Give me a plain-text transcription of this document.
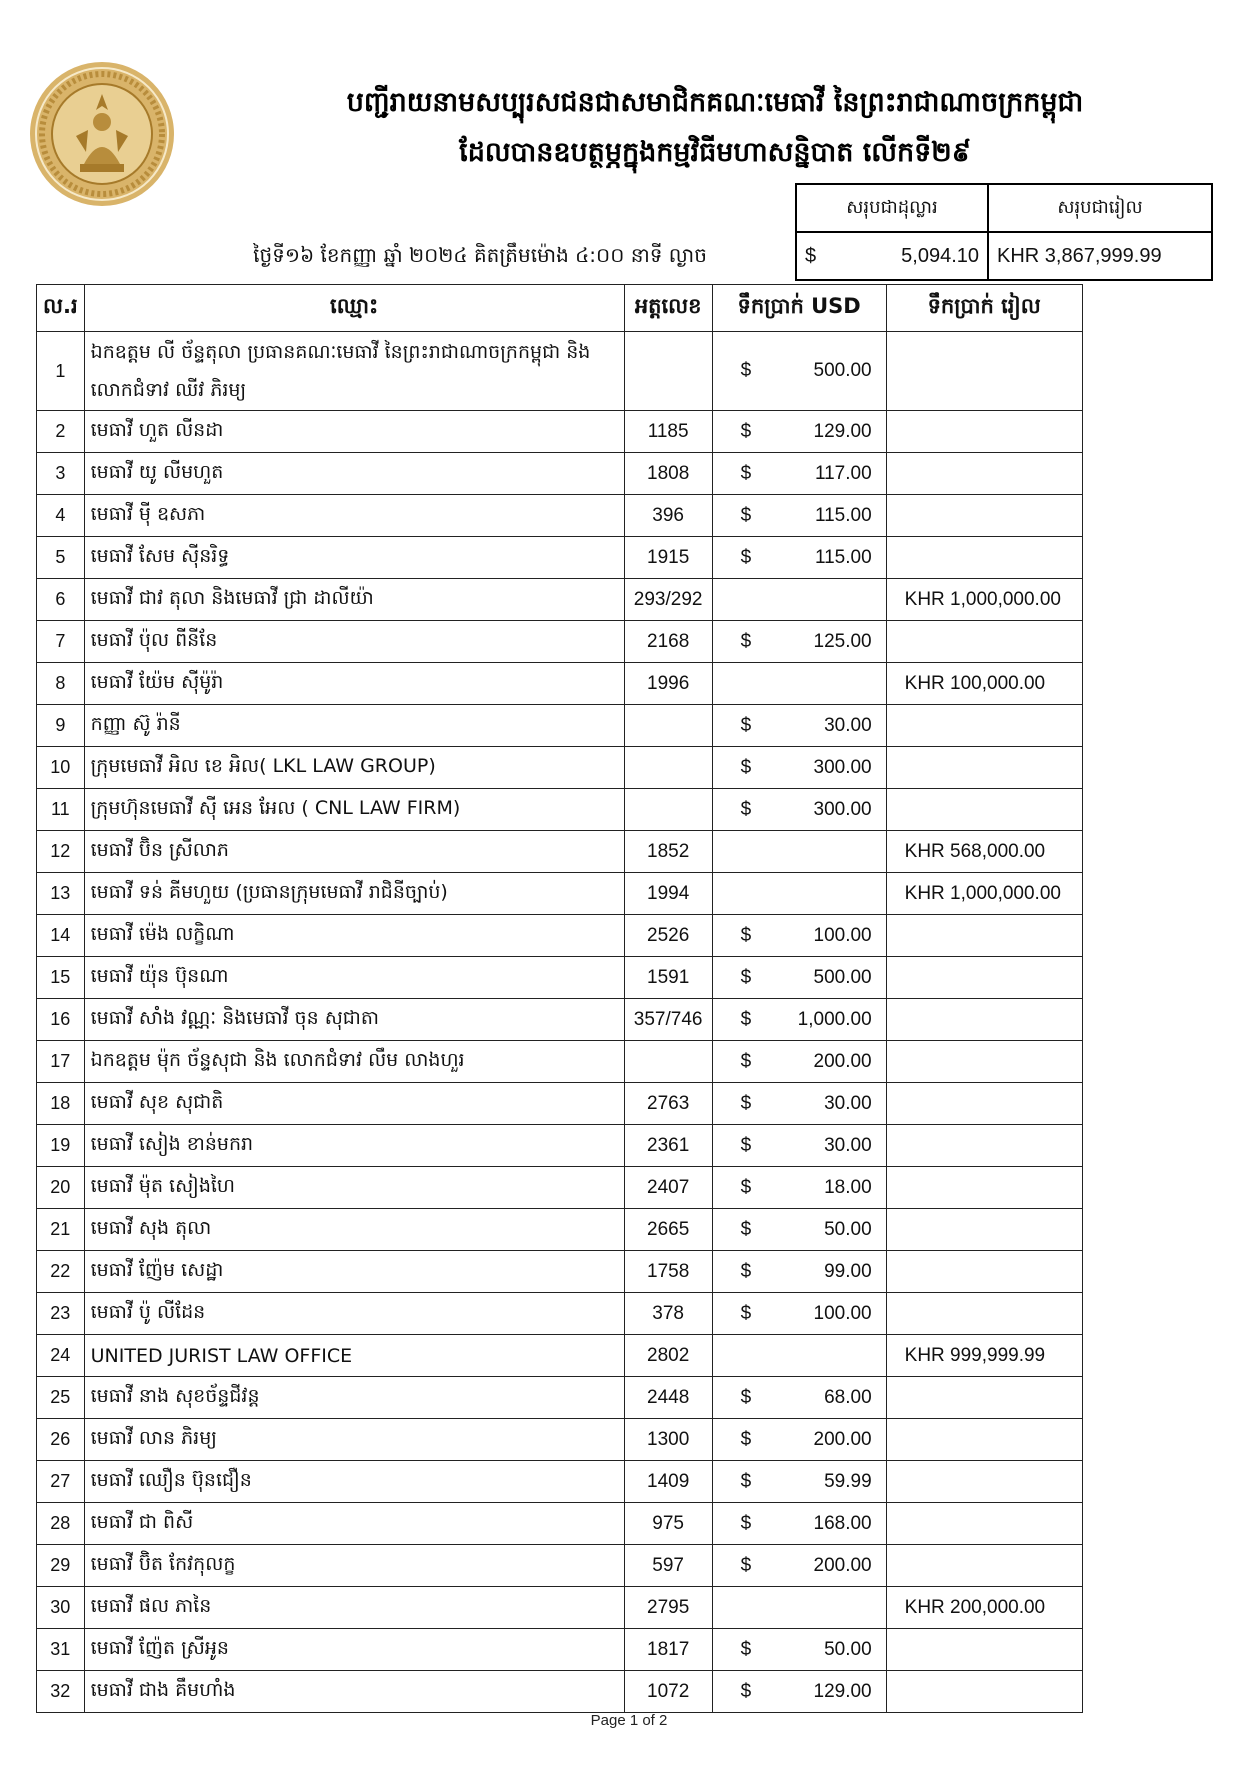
បញ្ជីរាយនាមសប្បុរសជនជាសមាជិកគណៈមេធាវី នៃព្រះរាជាណាចក្រកម្ពុជា
ដែលបានឧបត្ថម្ភក្នុងកម្មវិធីមហាសន្និបាត លើកទី២៩
ថ្ងៃទី១៦ ខែកញ្ញា ឆ្នាំ ២០២៤ គិតត្រឹមម៉ោង ៤:០០ នាទី ល្ងាច
សរុបជាដុល្លារ	សរុបជារៀល

$ 5,094.10	KHR 3,867,999.99
ល.រ	ឈ្មោះ	អត្តលេខ	ទឹកប្រាក់ USD	ទឹកប្រាក់ រៀល
1	ឯកឧត្តម លី ច័ន្ទតុលា ប្រធានគណៈមេធាវី នៃព្រះរាជាណាចក្រកម្ពុជា និង លោកជំទាវ ឈីវ ភិរម្យ		$ 500.00	

2	មេធាវី ហួត លីនដា	1185	$ 129.00	

3	មេធាវី យូ លីមហួត	1808	$ 117.00	

4	មេធាវី ម៉ី ឧសភា	396	$ 115.00	

5	មេធាវី សែម ស៊ីនរិទ្ធ	1915	$ 115.00	

6	មេធាវី ជាវ តុលា និងមេធាវី ជ្រា ដាលីយ៉ា	293/292		KHR 1,000,000.00
7	មេធាវី ប៉ុល ពីនីនែ	2168	$ 125.00	

8	មេធាវី យ៉ែម ស៊ីម៉ូរ៉ា	1996		KHR 100,000.00
9	កញ្ញា ស៊ូ រ៉ានី		$ 30.00	

10	ក្រុមមេធាវី អិល ខេ អិល( LKL LAW GROUP)		$ 300.00	

11	ក្រុមហ៊ុនមេធាវី ស៊ី អេន អែល ( CNL LAW FIRM)		$ 300.00	

12	មេធាវី ប៊ិន ស្រីលាភ	1852		KHR 568,000.00
13	មេធាវី ទន់ គីមហួយ (ប្រធានក្រុមមេធាវី រាជិនីច្បាប់)	1994		KHR 1,000,000.00
14	មេធាវី ម៉េង លក្ខិណា	2526	$ 100.00	

15	មេធាវី យ៉ុន ប៊ុនណា	1591	$ 500.00	

16	មេធាវី សាំង វណ្ណៈ និងមេធាវី ចុន សុជាតា	357/746	$ 1,000.00	

17	ឯកឧត្តម ម៉ុក ច័ន្ទសុជា និង លោកជំទាវ លឹម លាងហួរ		$ 200.00	

18	មេធាវី សុខ សុជាតិ	2763	$ 30.00	

19	មេធាវី សៀង ខាន់មករា	2361	$ 30.00	

20	មេធាវី ម៉ុត សៀងហៃ	2407	$ 18.00	

21	មេធាវី សុង តុលា	2665	$ 50.00	

22	មេធាវី ញ៉ែម សេដ្ឋា	1758	$ 99.00	

23	មេធាវី ប៉ូ លីដែន	378	$ 100.00	

24	UNITED JURIST LAW OFFICE	2802		KHR 999,999.99
25	មេធាវី នាង សុខច័ន្ទជីវន្ត	2448	$ 68.00	

26	មេធាវី លាន ភិរម្យ	1300	$ 200.00	

27	មេធាវី ឈឿន ប៊ុនជឿន	1409	$ 59.99	

28	មេធាវី ជា ពិសី	975	$ 168.00	

29	មេធាវី ប៊ិត កែវកុលក្ខ	597	$ 200.00	

30	មេធាវី ផល ភានៃ	2795		KHR 200,000.00
31	មេធាវី ញ៉ែត ស្រីអូន	1817	$ 50.00	

32	មេធាវី ជាង គឹមហាំង	1072	$ 129.00	

Page 1 of 2
